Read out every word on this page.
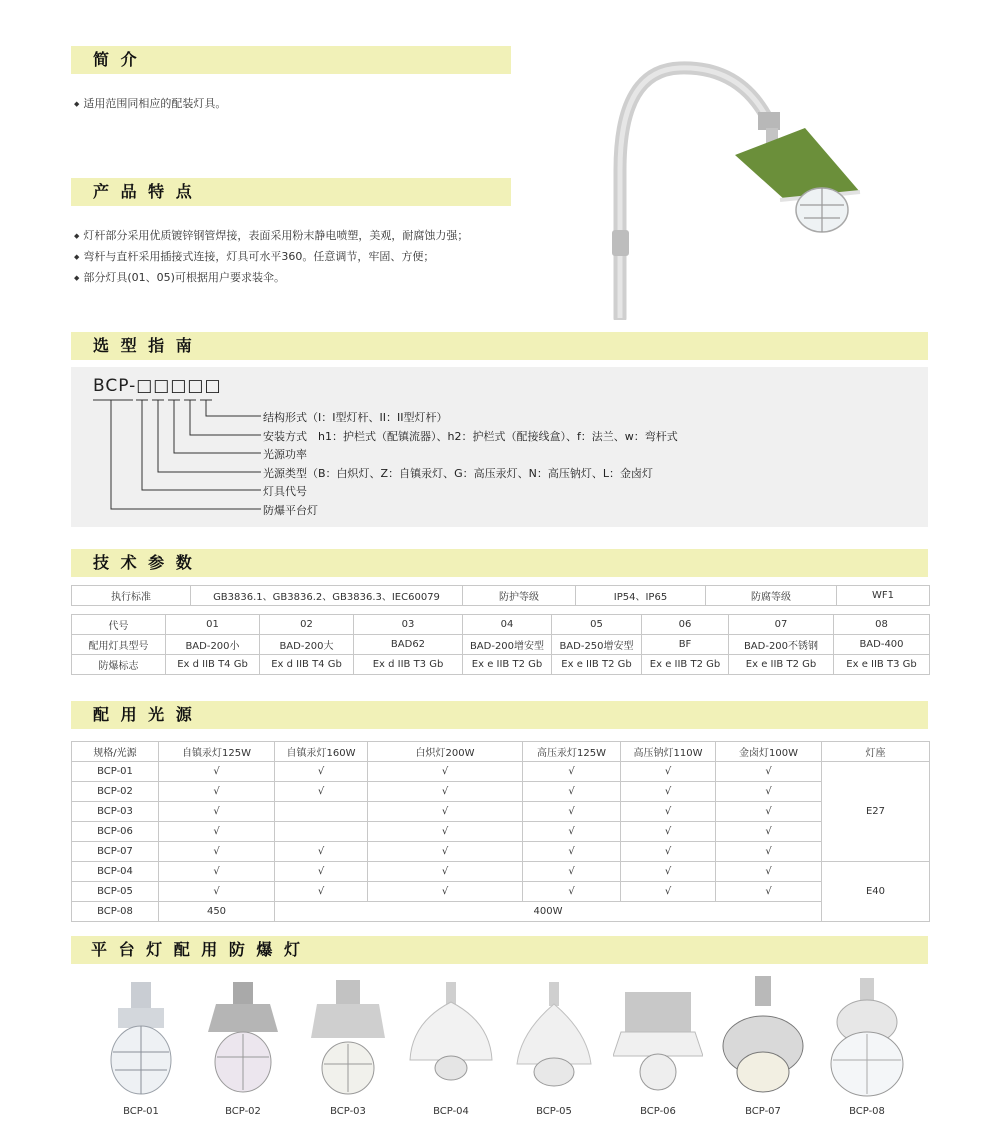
简 介
◆ 适用范围同相应的配装灯具。
产 品 特 点
◆ 灯杆部分采用优质镀锌钢管焊接，表面采用粉末静电喷塑，美观，耐腐蚀力强；
◆ 弯杆与直杆采用插接式连接，灯具可水平360。任意调节，牢固、方便；
◆ 部分灯具(01、05)可根据用户要求装伞。
选 型 指 南
BCP-□□□□□
结构形式（I：I型灯杆、II：II型灯杆）
安装方式　h1：护栏式（配镇流器）、h2：护栏式（配接线盒）、f：法兰、w：弯杆式
光源功率
光源类型（B：白炽灯、Z：自镇汞灯、G：高压汞灯、N：高压钠灯、L：金卤灯
灯具代号
防爆平台灯
技 术 参 数
执行标准	GB3836.1、GB3836.2、GB3836.3、IEC60079	防护等级	IP54、IP65	防腐等级	WF1
代号	01	02	03	04	05	06	07	08
配用灯具型号	BAD-200小	BAD-200大	BAD62	BAD-200增安型	BAD-250增安型	BF	BAD-200不锈钢	BAD-400
防爆标志	Ex d IIB T4 Gb	Ex d IIB T4 Gb	Ex d IIB T3 Gb	Ex e IIB T2 Gb	Ex e IIB T2 Gb	Ex e IIB T2 Gb	Ex e IIB T2 Gb	Ex e IIB T3 Gb
配 用 光 源
规格/光源	自镇汞灯125W	自镇汞灯160W	白炽灯200W	高压汞灯125W	高压钠灯110W	金卤灯100W	灯座
BCP-01	√	√	√	√	√	√	E27
BCP-02	√	√	√	√	√	√	
BCP-03	√		√	√	√	√	
BCP-06	√		√	√	√	√	
BCP-07	√	√	√	√	√	√	
BCP-04	√	√	√	√	√	√	E40
BCP-05	√	√	√	√	√	√	
BCP-08	450	400W					
平 台 灯 配 用 防 爆 灯
BCP-01	BCP-02	BCP-03	BCP-04	BCP-05	BCP-06	BCP-07	BCP-08
